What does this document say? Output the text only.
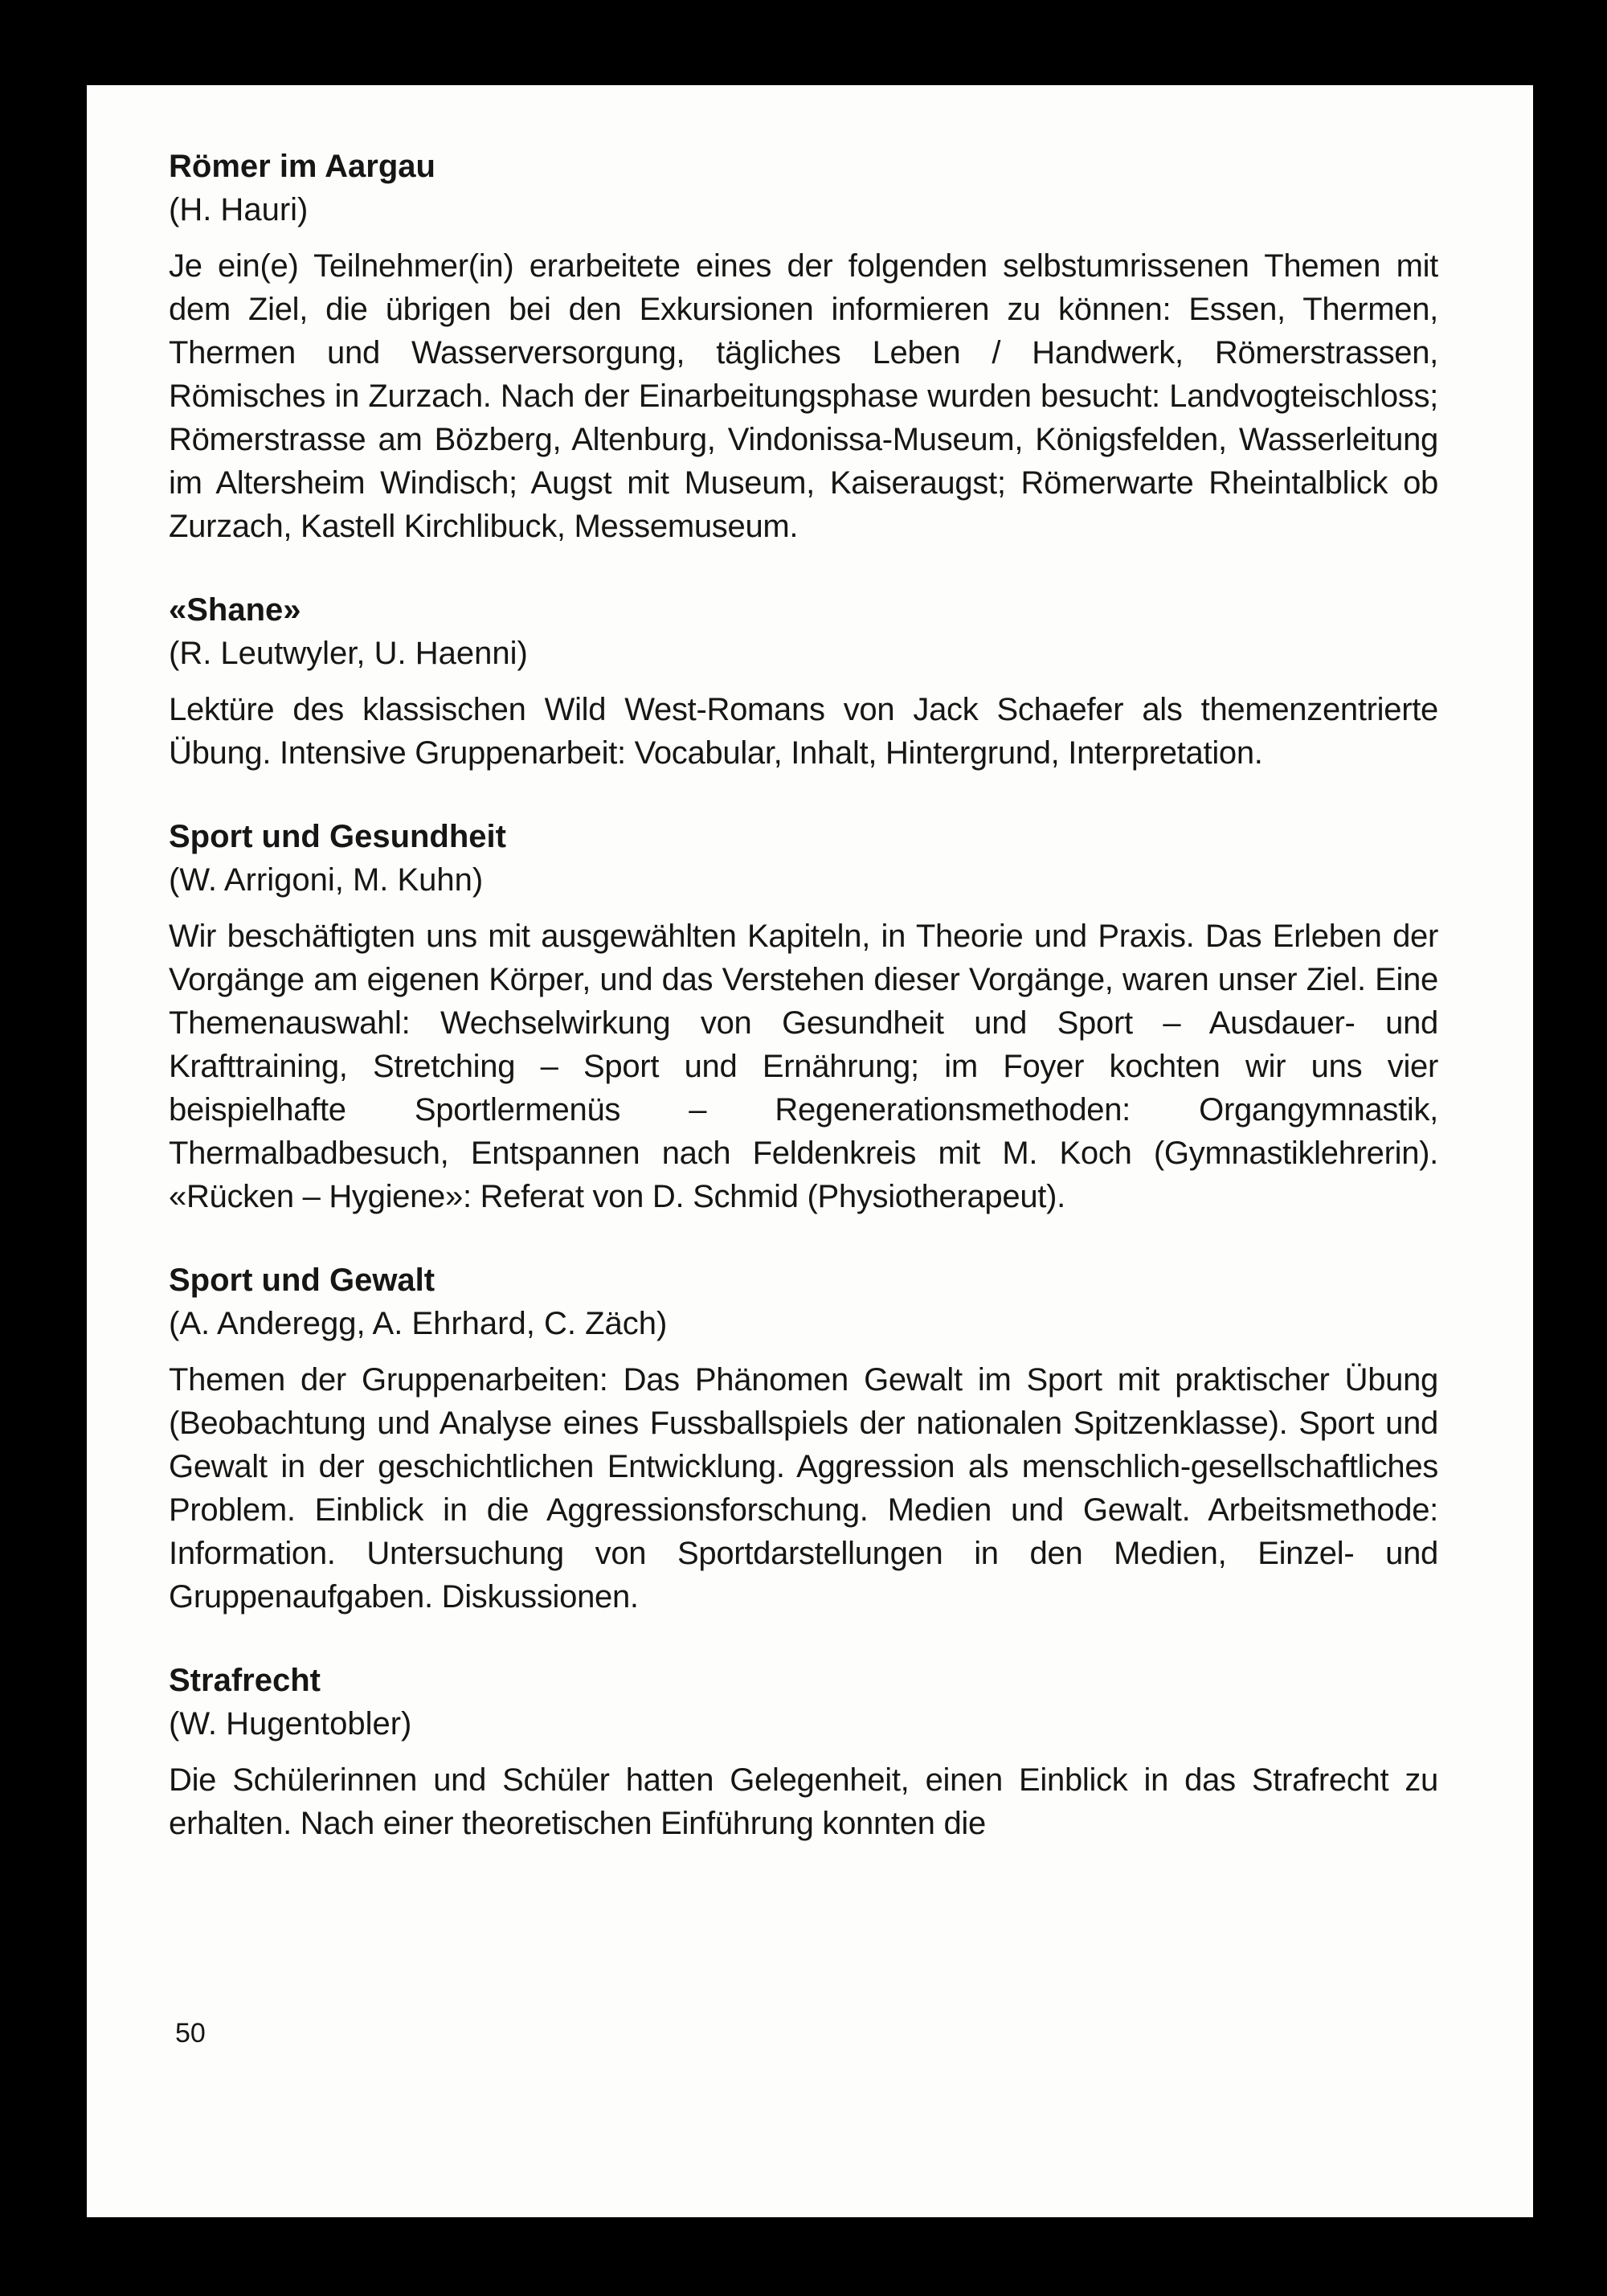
Römer im Aargau

(H. Hauri)

Je ein(e) Teilnehmer(in) erarbeitete eines der folgenden selbstumrissenen Themen mit dem Ziel, die übrigen bei den Exkursionen informieren zu können: Essen, Thermen, Thermen und Wasserversorgung, tägliches Leben / Handwerk, Römerstrassen, Römisches in Zurzach. Nach der Einarbeitungsphase wurden besucht: Landvogteischloss; Römerstrasse am Bözberg, Altenburg, Vindonissa-Museum, Königsfelden, Wasserleitung im Altersheim Windisch; Augst mit Museum, Kaiseraugst; Römerwarte Rheintalblick ob Zurzach, Kastell Kirchlibuck, Messemuseum.

«Shane»

(R. Leutwyler, U. Haenni)

Lektüre des klassischen Wild West-Romans von Jack Schaefer als themenzentrierte Übung. Intensive Gruppenarbeit: Vocabular, Inhalt, Hintergrund, Interpretation.

Sport und Gesundheit

(W. Arrigoni, M. Kuhn)

Wir beschäftigten uns mit ausgewählten Kapiteln, in Theorie und Praxis. Das Erleben der Vorgänge am eigenen Körper, und das Verstehen dieser Vorgänge, waren unser Ziel. Eine Themenauswahl: Wechselwirkung von Gesundheit und Sport – Ausdauer- und Krafttraining, Stretching – Sport und Ernährung; im Foyer kochten wir uns vier beispielhafte Sportlermenüs – Regenerationsmethoden: Organgymnastik, Thermalbadbesuch, Entspannen nach Feldenkreis mit M. Koch (Gymnastiklehrerin). «Rücken – Hygiene»: Referat von D. Schmid (Physiotherapeut).

Sport und Gewalt

(A. Anderegg, A. Ehrhard, C. Zäch)

Themen der Gruppenarbeiten: Das Phänomen Gewalt im Sport mit praktischer Übung (Beobachtung und Analyse eines Fussballspiels der nationalen Spitzenklasse). Sport und Gewalt in der geschichtlichen Entwicklung. Aggression als menschlich-gesellschaftliches Problem. Einblick in die Aggressionsforschung. Medien und Gewalt. Arbeitsmethode: Information. Untersuchung von Sportdarstellungen in den Medien, Einzel- und Gruppenaufgaben. Diskussionen.

Strafrecht

(W. Hugentobler)

Die Schülerinnen und Schüler hatten Gelegenheit, einen Einblick in das Strafrecht zu erhalten. Nach einer theoretischen Einführung konnten die

50
